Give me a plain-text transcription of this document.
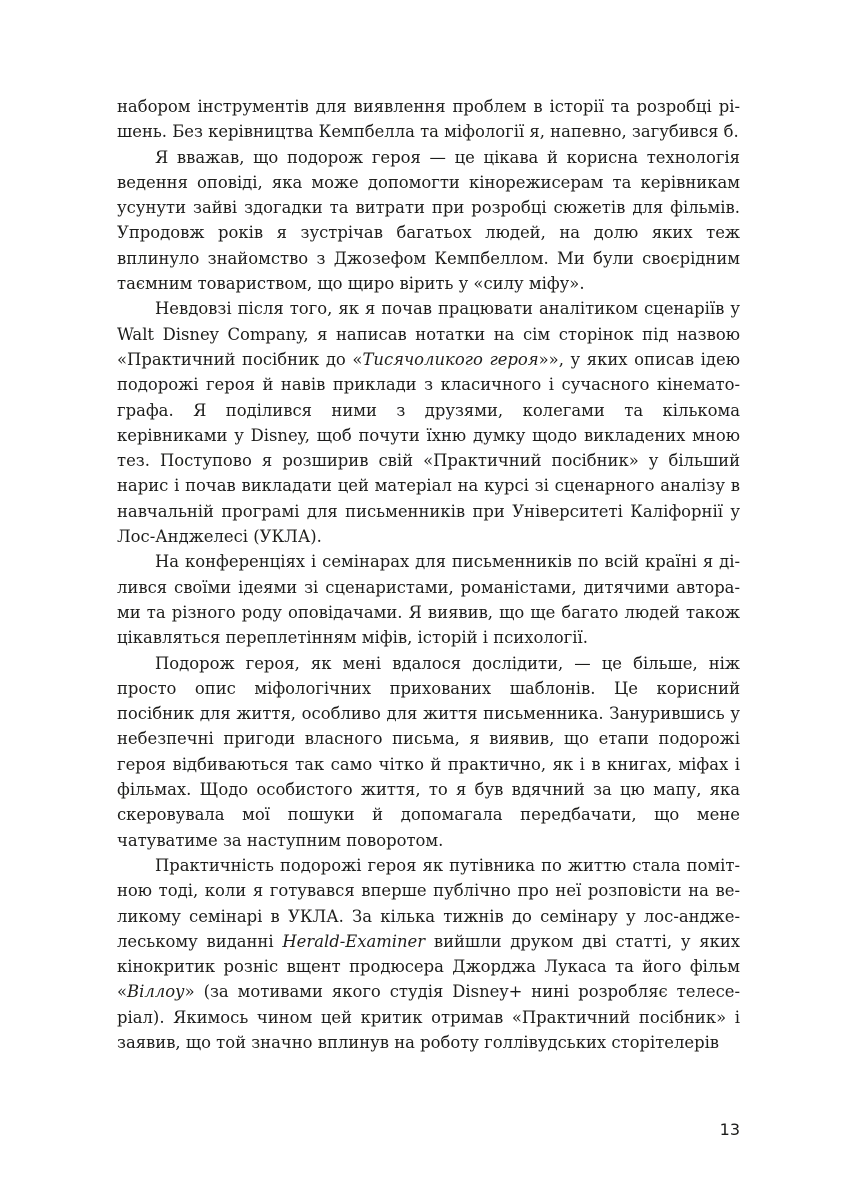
набором інструментів для виявлення проблем в історії та розробці рішень. Без керівництва Кемпбелла та міфології я, напевно, загубився б.

Я вважав, що подорож героя — це цікава й корисна технологія ведення оповіді, яка може допомогти кінорежисерам та керівникам усунути зайві здогадки та витрати при розробці сюжетів для фільмів. Упродовж років я зустрічав багатьох людей, на долю яких теж вплинуло знайомство з Джозефом Кемпбеллом. Ми були своєрідним таємним товариством, що щиро вірить у «силу міфу».

Невдовзі після того, як я почав працювати аналітиком сценаріїв у Walt Disney Company, я написав нотатки на сім сторінок під назвою «Практичний посібник до «Тисячоликого героя»», у яких описав ідею подорожі героя й навів приклади з класичного і сучасного кінематографа. Я поділився ними з друзями, колегами та кількома керівниками у Disney, щоб почути їхню думку щодо викладених мною тез. Поступово я розширив свій «Практичний посібник» у більший нарис і почав викладати цей матеріал на курсі зі сценарного аналізу в навчальній програмі для письменників при Університеті Каліфорнії у Лос-Анджелесі (УКЛА).

На конференціях і семінарах для письменників по всій країні я ділився своїми ідеями зі сценаристами, романістами, дитячими авторами та різного роду оповідачами. Я виявив, що ще багато людей також цікавляться переплетінням міфів, історій і психології.

Подорож героя, як мені вдалося дослідити, — це більше, ніж просто опис міфологічних прихованих шаблонів. Це корисний посібник для життя, особливо для життя письменника. Занурившись у небезпечні пригоди власного письма, я виявив, що етапи подорожі героя відбиваються так само чітко й практично, як і в книгах, міфах і фільмах. Щодо особистого життя, то я був вдячний за цю мапу, яка скеровувала мої пошуки й допомагала передбачати, що мене чатуватиме за наступним поворотом.

Практичність подорожі героя як путівника по життю стала помітною тоді, коли я готувався вперше публічно про неї розповісти на великому семінарі в УКЛА. За кілька тижнів до семінару у лос-анджелеському виданні Herald-Examiner вийшли друком дві статті, у яких кінокритик розніс вщент продюсера Джорджа Лукаса та його фільм «Віллоу» (за мотивами якого студія Disney+ нині розробляє телесеріал). Якимось чином цей критик отримав «Практичний посібник» і заявив, що той значно вплинув на роботу голлівудських сторітелерів

13
